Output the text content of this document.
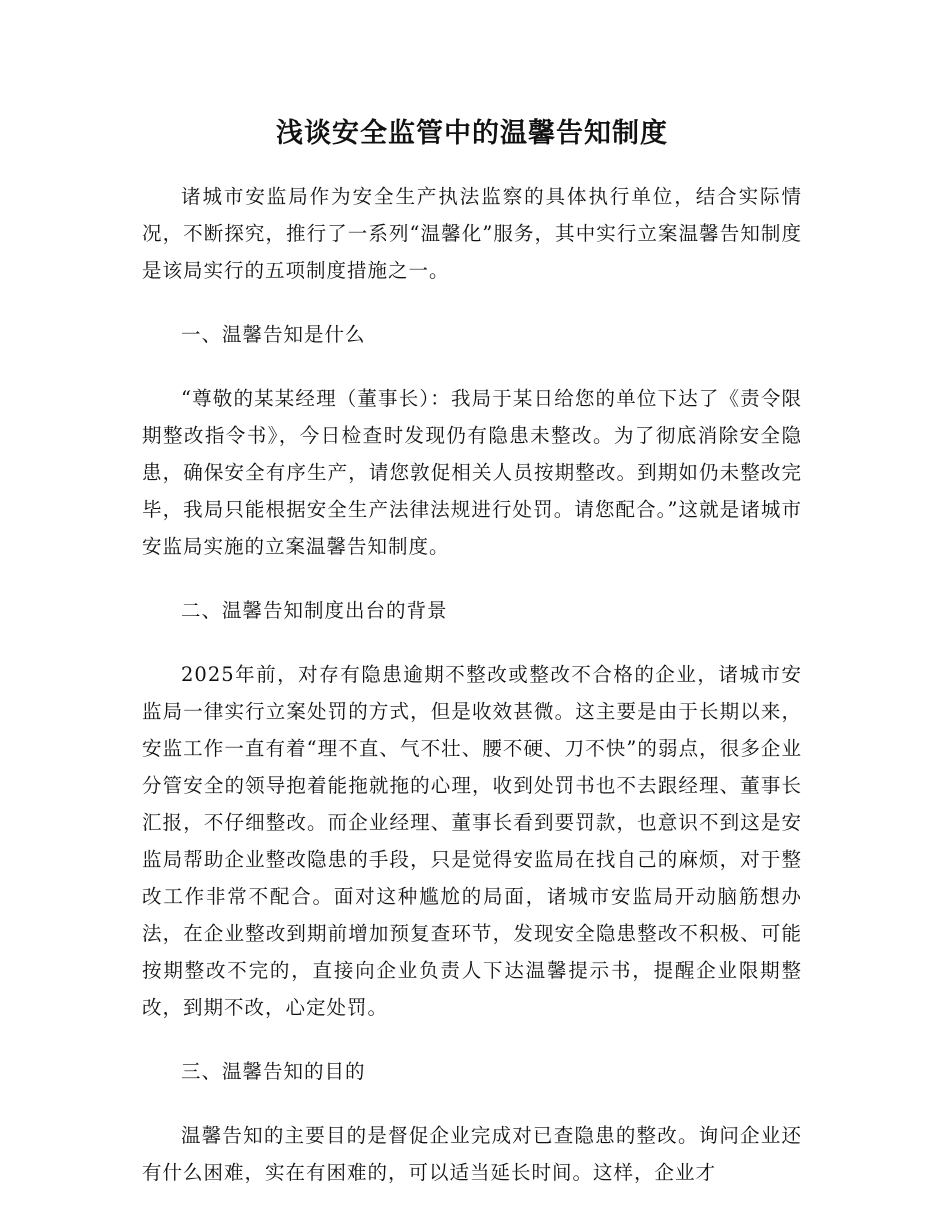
浅谈安全监管中的温馨告知制度

诸城市安监局作为安全生产执法监察的具体执行单位，结合实际情况，不断探究，推行了一系列“温馨化”服务，其中实行立案温馨告知制度是该局实行的五项制度措施之一。

一、温馨告知是什么

“尊敬的某某经理（董事长）：我局于某日给您的单位下达了《责令限期整改指令书》，今日检查时发现仍有隐患未整改。为了彻底消除安全隐患，确保安全有序生产，请您敦促相关人员按期整改。到期如仍未整改完毕，我局只能根据安全生产法律法规进行处罚。请您配合。”这就是诸城市安监局实施的立案温馨告知制度。

二、温馨告知制度出台的背景

2025年前，对存有隐患逾期不整改或整改不合格的企业，诸城市安监局一律实行立案处罚的方式，但是收效甚微。这主要是由于长期以来，安监工作一直有着“理不直、气不壮、腰不硬、刀不快”的弱点，很多企业分管安全的领导抱着能拖就拖的心理，收到处罚书也不去跟经理、董事长汇报，不仔细整改。而企业经理、董事长看到要罚款，也意识不到这是安监局帮助企业整改隐患的手段，只是觉得安监局在找自己的麻烦，对于整改工作非常不配合。面对这种尴尬的局面，诸城市安监局开动脑筋想办法，在企业整改到期前增加预复查环节，发现安全隐患整改不积极、可能按期整改不完的，直接向企业负责人下达温馨提示书，提醒企业限期整改，到期不改，心定处罚。

三、温馨告知的目的

温馨告知的主要目的是督促企业完成对已查隐患的整改。询问企业还有什么困难，实在有困难的，可以适当延长时间。这样，企业才
